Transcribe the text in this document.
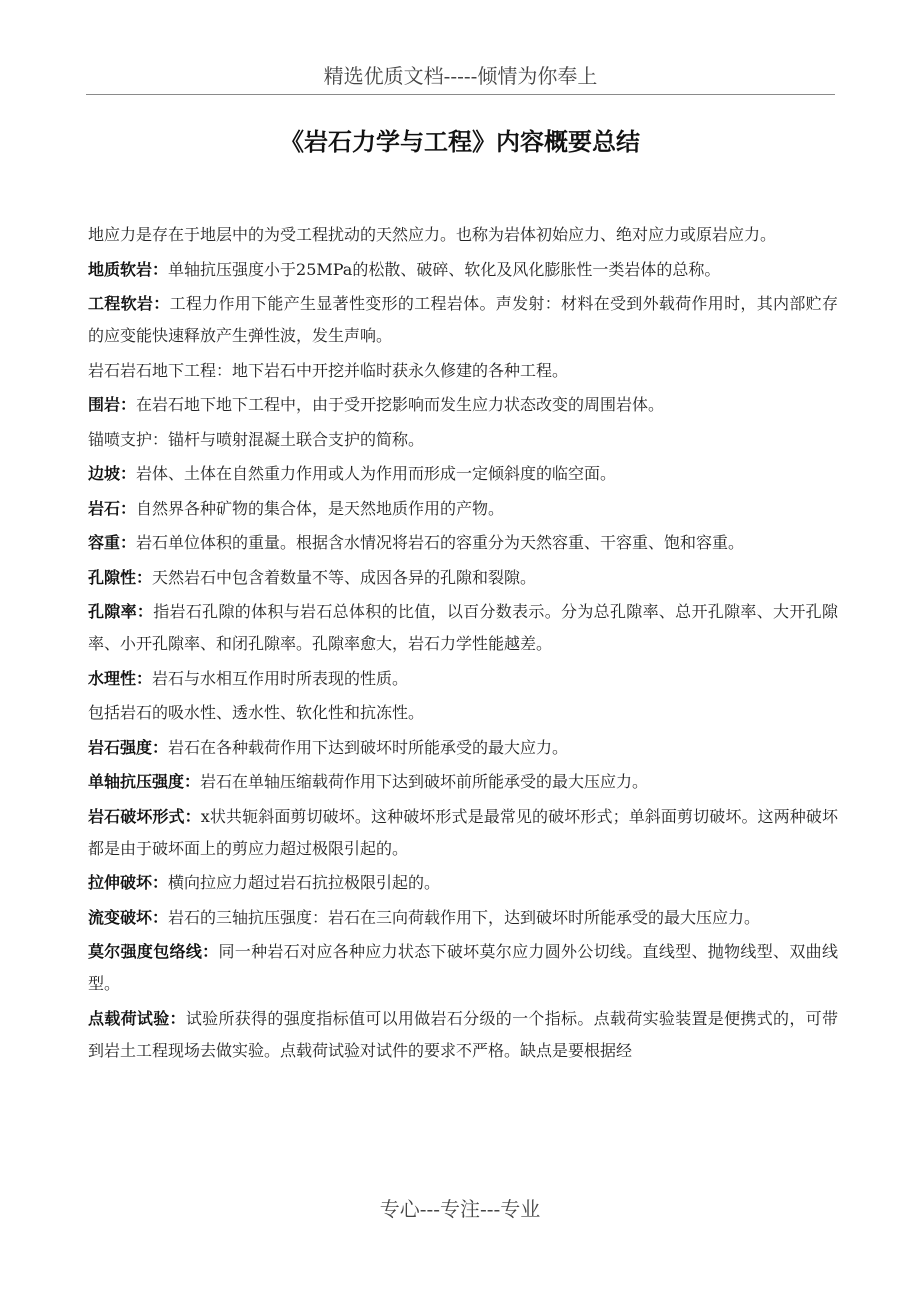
精选优质文档-----倾情为你奉上
《岩石力学与工程》内容概要总结

地应力是存在于地层中的为受工程扰动的天然应力。也称为岩体初始应力、绝对应力或原岩应力。

地质软岩：单轴抗压强度小于25MPa的松散、破碎、软化及风化膨胀性一类岩体的总称。

工程软岩：工程力作用下能产生显著性变形的工程岩体。声发射：材料在受到外载荷作用时，其内部贮存的应变能快速释放产生弹性波，发生声响。

岩石岩石地下工程：地下岩石中开挖并临时获永久修建的各种工程。

围岩：在岩石地下地下工程中，由于受开挖影响而发生应力状态改变的周围岩体。

锚喷支护：锚杆与喷射混凝土联合支护的简称。

边坡：岩体、土体在自然重力作用或人为作用而形成一定倾斜度的临空面。

岩石：自然界各种矿物的集合体，是天然地质作用的产物。

容重：岩石单位体积的重量。根据含水情况将岩石的容重分为天然容重、干容重、饱和容重。

孔隙性：天然岩石中包含着数量不等、成因各异的孔隙和裂隙。

孔隙率：指岩石孔隙的体积与岩石总体积的比值，以百分数表示。分为总孔隙率、总开孔隙率、大开孔隙率、小开孔隙率、和闭孔隙率。孔隙率愈大，岩石力学性能越差。

水理性：岩石与水相互作用时所表现的性质。

包括岩石的吸水性、透水性、软化性和抗冻性。

岩石强度：岩石在各种载荷作用下达到破坏时所能承受的最大应力。

单轴抗压强度：岩石在单轴压缩载荷作用下达到破坏前所能承受的最大压应力。

岩石破坏形式：x状共轭斜面剪切破坏。这种破坏形式是最常见的破坏形式；单斜面剪切破坏。这两种破坏都是由于破坏面上的剪应力超过极限引起的。

拉伸破坏：横向拉应力超过岩石抗拉极限引起的。

流变破坏：岩石的三轴抗压强度：岩石在三向荷载作用下，达到破坏时所能承受的最大压应力。

莫尔强度包络线：同一种岩石对应各种应力状态下破坏莫尔应力圆外公切线。直线型、抛物线型、双曲线型。

点载荷试验：试验所获得的强度指标值可以用做岩石分级的一个指标。点载荷实验装置是便携式的，可带到岩土工程现场去做实验。点载荷试验对试件的要求不严格。缺点是要根据经

专心---专注---专业
